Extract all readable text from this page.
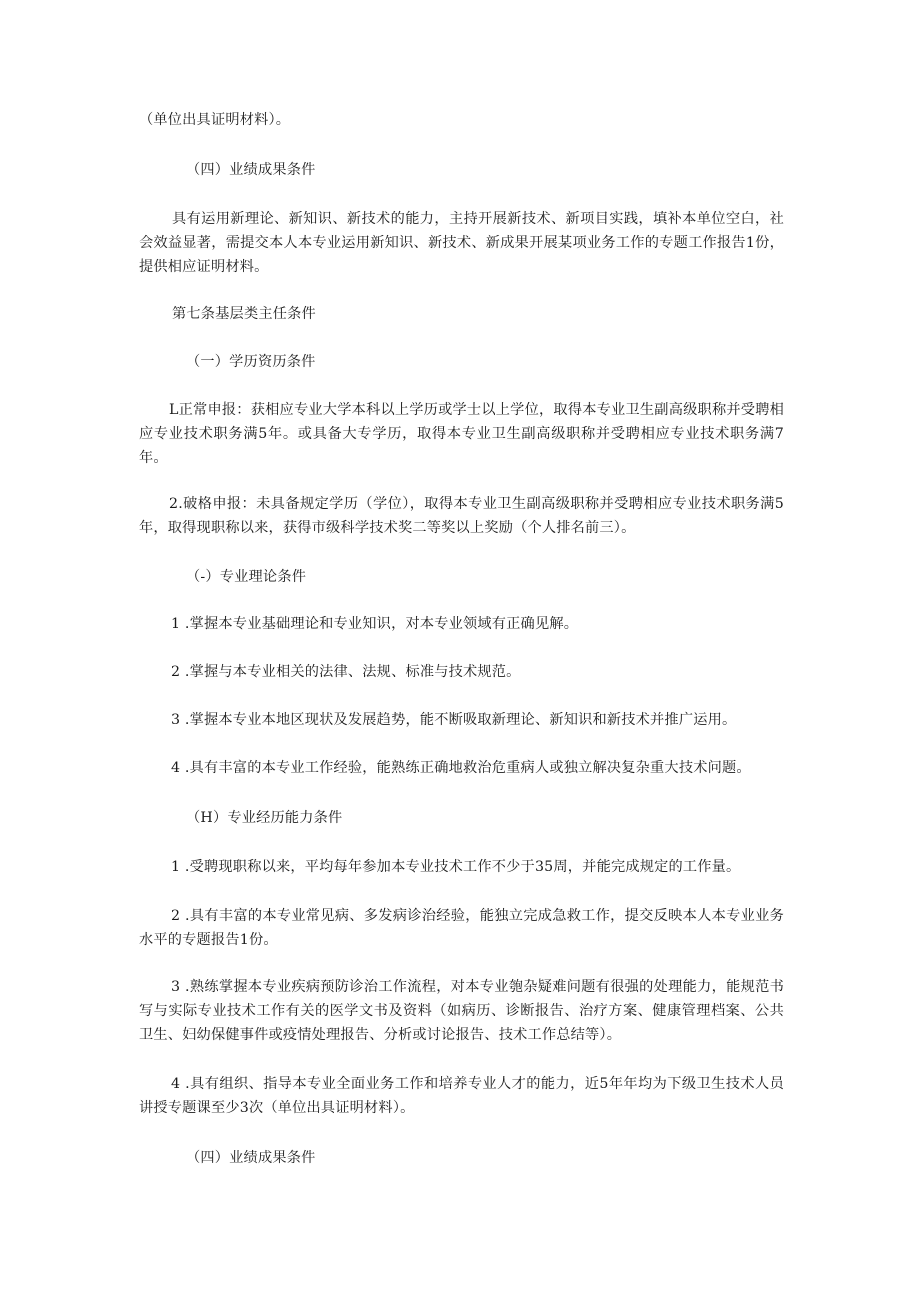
（单位出具证明材料）。
（四）业绩成果条件
具有运用新理论、新知识、新技术的能力，主持开展新技术、新项目实践，填补本单位空白，社会效益显著，需提交本人本专业运用新知识、新技术、新成果开展某项业务工作的专题工作报告1份，提供相应证明材料。
第七条基层类主任条件
（一）学历资历条件
L正常申报：获相应专业大学本科以上学历或学士以上学位，取得本专业卫生副高级职称并受聘相应专业技术职务满5年。或具备大专学历，取得本专业卫生副高级职称并受聘相应专业技术职务满7年。
2.破格申报：未具备规定学历（学位），取得本专业卫生副高级职称并受聘相应专业技术职务满5年，取得现职称以来，获得市级科学技术奖二等奖以上奖励（个人排名前三）。
（-）专业理论条件
1 .掌握本专业基础理论和专业知识，对本专业领域有正确见解。
2 .掌握与本专业相关的法律、法规、标准与技术规范。
3 .掌握本专业本地区现状及发展趋势，能不断吸取新理论、新知识和新技术并推广运用。
4 .具有丰富的本专业工作经验，能熟练正确地救治危重病人或独立解决复杂重大技术问题。
（H）专业经历能力条件
1 .受聘现职称以来，平均每年参加本专业技术工作不少于35周，并能完成规定的工作量。
2 .具有丰富的本专业常见病、多发病诊治经验，能独立完成急救工作，提交反映本人本专业业务水平的专题报告1份。
3 .熟练掌握本专业疾病预防诊治工作流程，对本专业匏杂疑难问题有很强的处理能力，能规范书写与实际专业技术工作有关的医学文书及资料（如病历、诊断报告、治疗方案、健康管理档案、公共卫生、妇幼保健事件或疫情处理报告、分析或讨论报告、技术工作总结等）。
4 .具有组织、指导本专业全面业务工作和培养专业人才的能力，近5年年均为下级卫生技术人员讲授专题课至少3次（单位出具证明材料）。
（四）业绩成果条件
